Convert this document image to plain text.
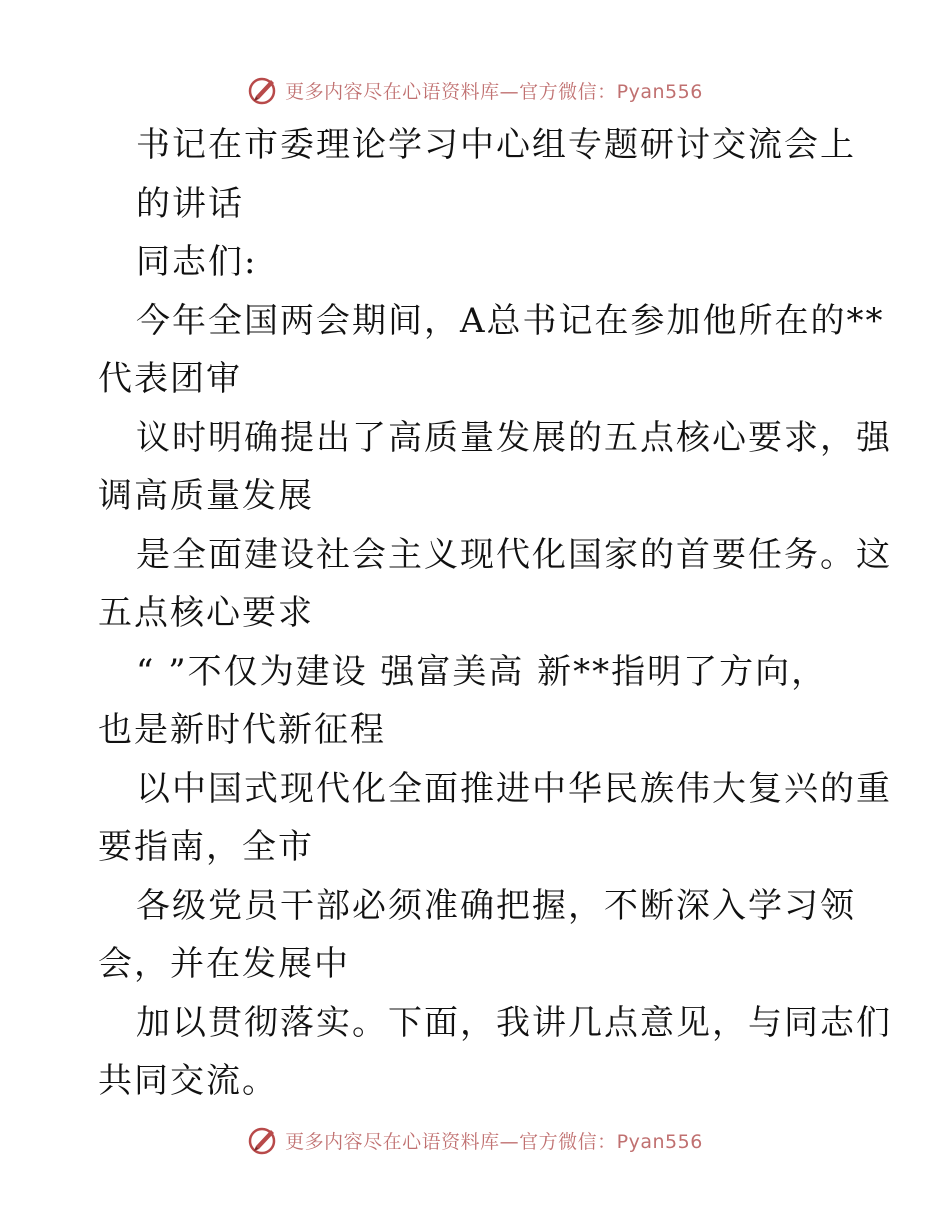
更多内容尽在心语资料库—官方微信：Pyan556
书记在市委理论学习中心组专题研讨交流会上
的讲话
同志们:
今年全国两会期间，A总书记在参加他所在的**
代表团审
议时明确提出了高质量发展的五点核心要求，强
调高质量发展
是全面建设社会主义现代化国家的首要任务。这
五点核心要求
“ ”不仅为建设 强富美高 新**指明了方向，
也是新时代新征程
以中国式现代化全面推进中华民族伟大复兴的重
要指南，全市
各级党员干部必须准确把握，不断深入学习领
会，并在发展中
加以贯彻落实。下面，我讲几点意见，与同志们
共同交流。
更多内容尽在心语资料库—官方微信：Pyan556
